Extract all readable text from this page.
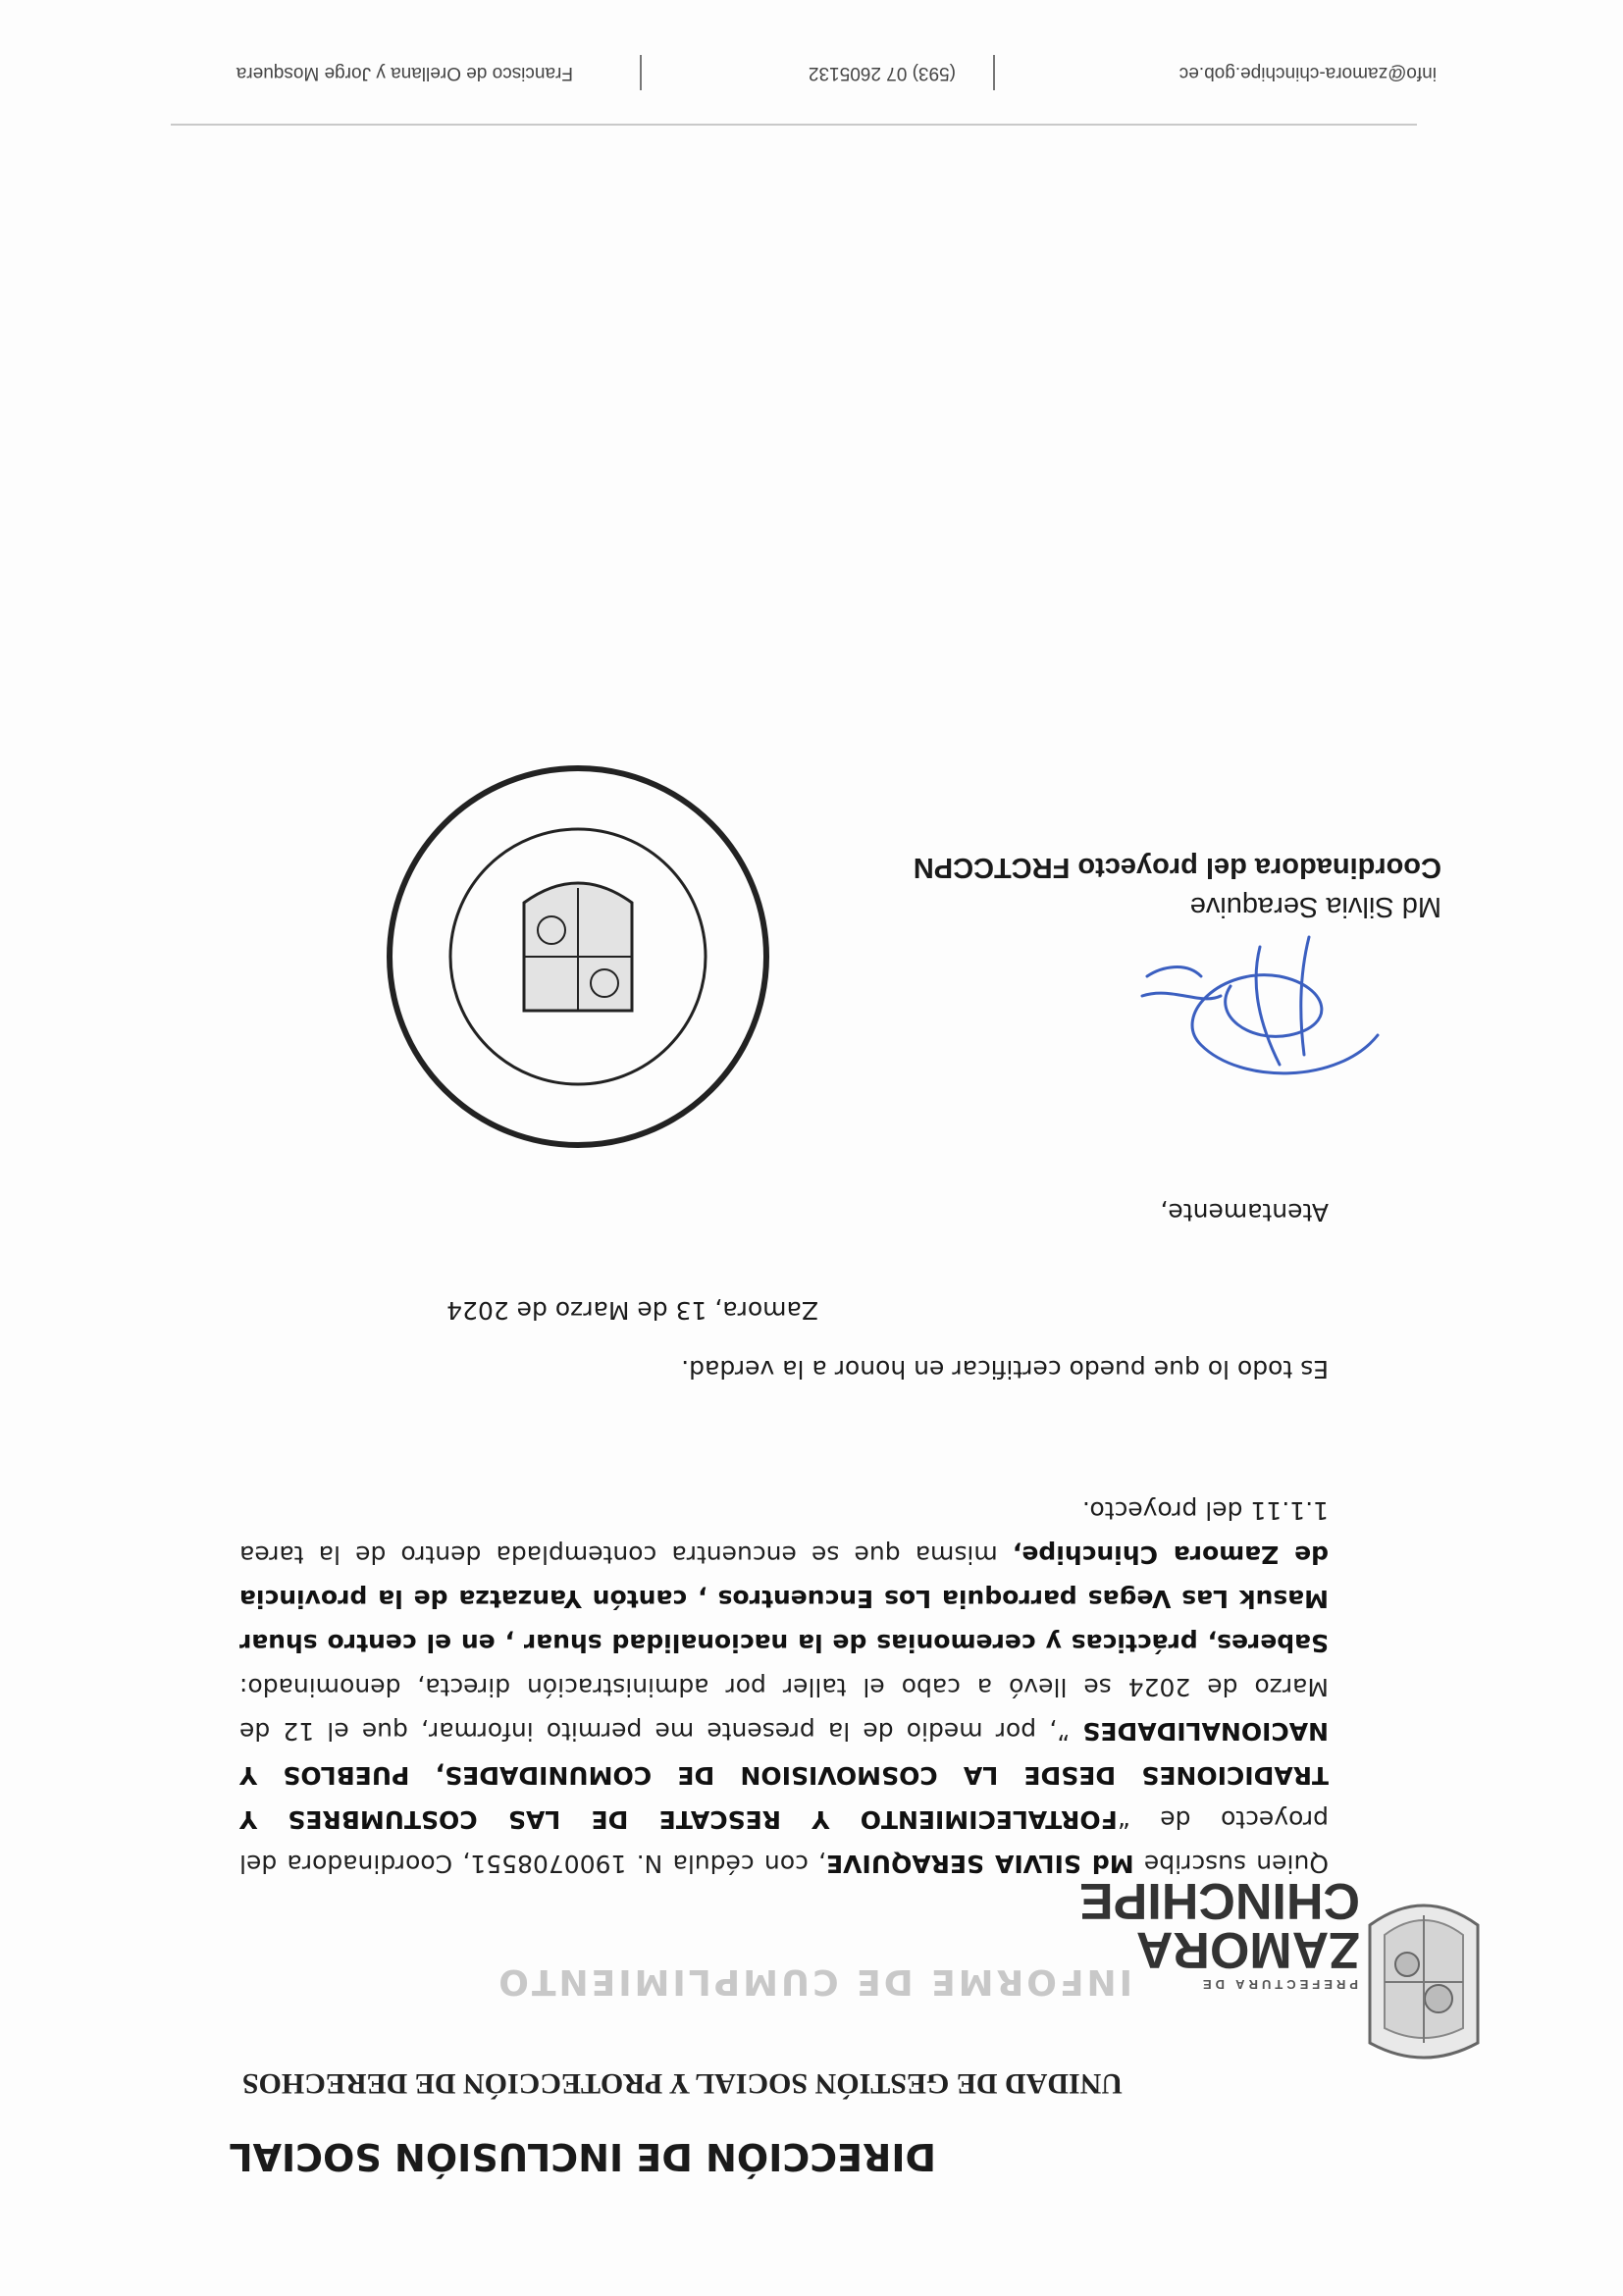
PREFECTURA DE
ZAMORA
CHINCHIPE
DIRECCIÓN DE INCLUSIÓN SOCIAL
UNIDAD DE GESTIÓN SOCIAL Y PROTECCIÓN DE DERECHOS
INFORME DE CUMPLIMIENTO
Quien suscribe Md SILVIA SERAQUIVE, con cédula N. 1900708551, Coordinadora del proyecto de “FORTALECIMIENTO Y RESCATE DE LAS COSTUMBRES Y TRADICIONES DESDE LA COSMOVISION DE COMUNIDADES, PUEBLOS Y NACIONALIDADES ”, por medio de la presente me permito informar, que el 12 de Marzo de 2024 se llevó a cabo el taller por administración directa, denominado: Saberes, prácticas y ceremonias de la nacionalidad shuar , en el centro shuar Masuk Las Vegas parroquia Los Encuentros , cantón Yanzatza de la provincia de Zamora Chinchipe, misma que se encuentra contemplada dentro de la tarea 1.1.11 del proyecto.
Es todo lo que puedo certificar en honor a la verdad.
Zamora, 13 de Marzo de 2024
Atentamente,
Md Silvia Seraquive
Coordinadora del proyecto FRCTCCPN
info@zamora-chinchipe.gob.ec
(593) 07 2605132
Francisco de Orellana y Jorge Mosquera
